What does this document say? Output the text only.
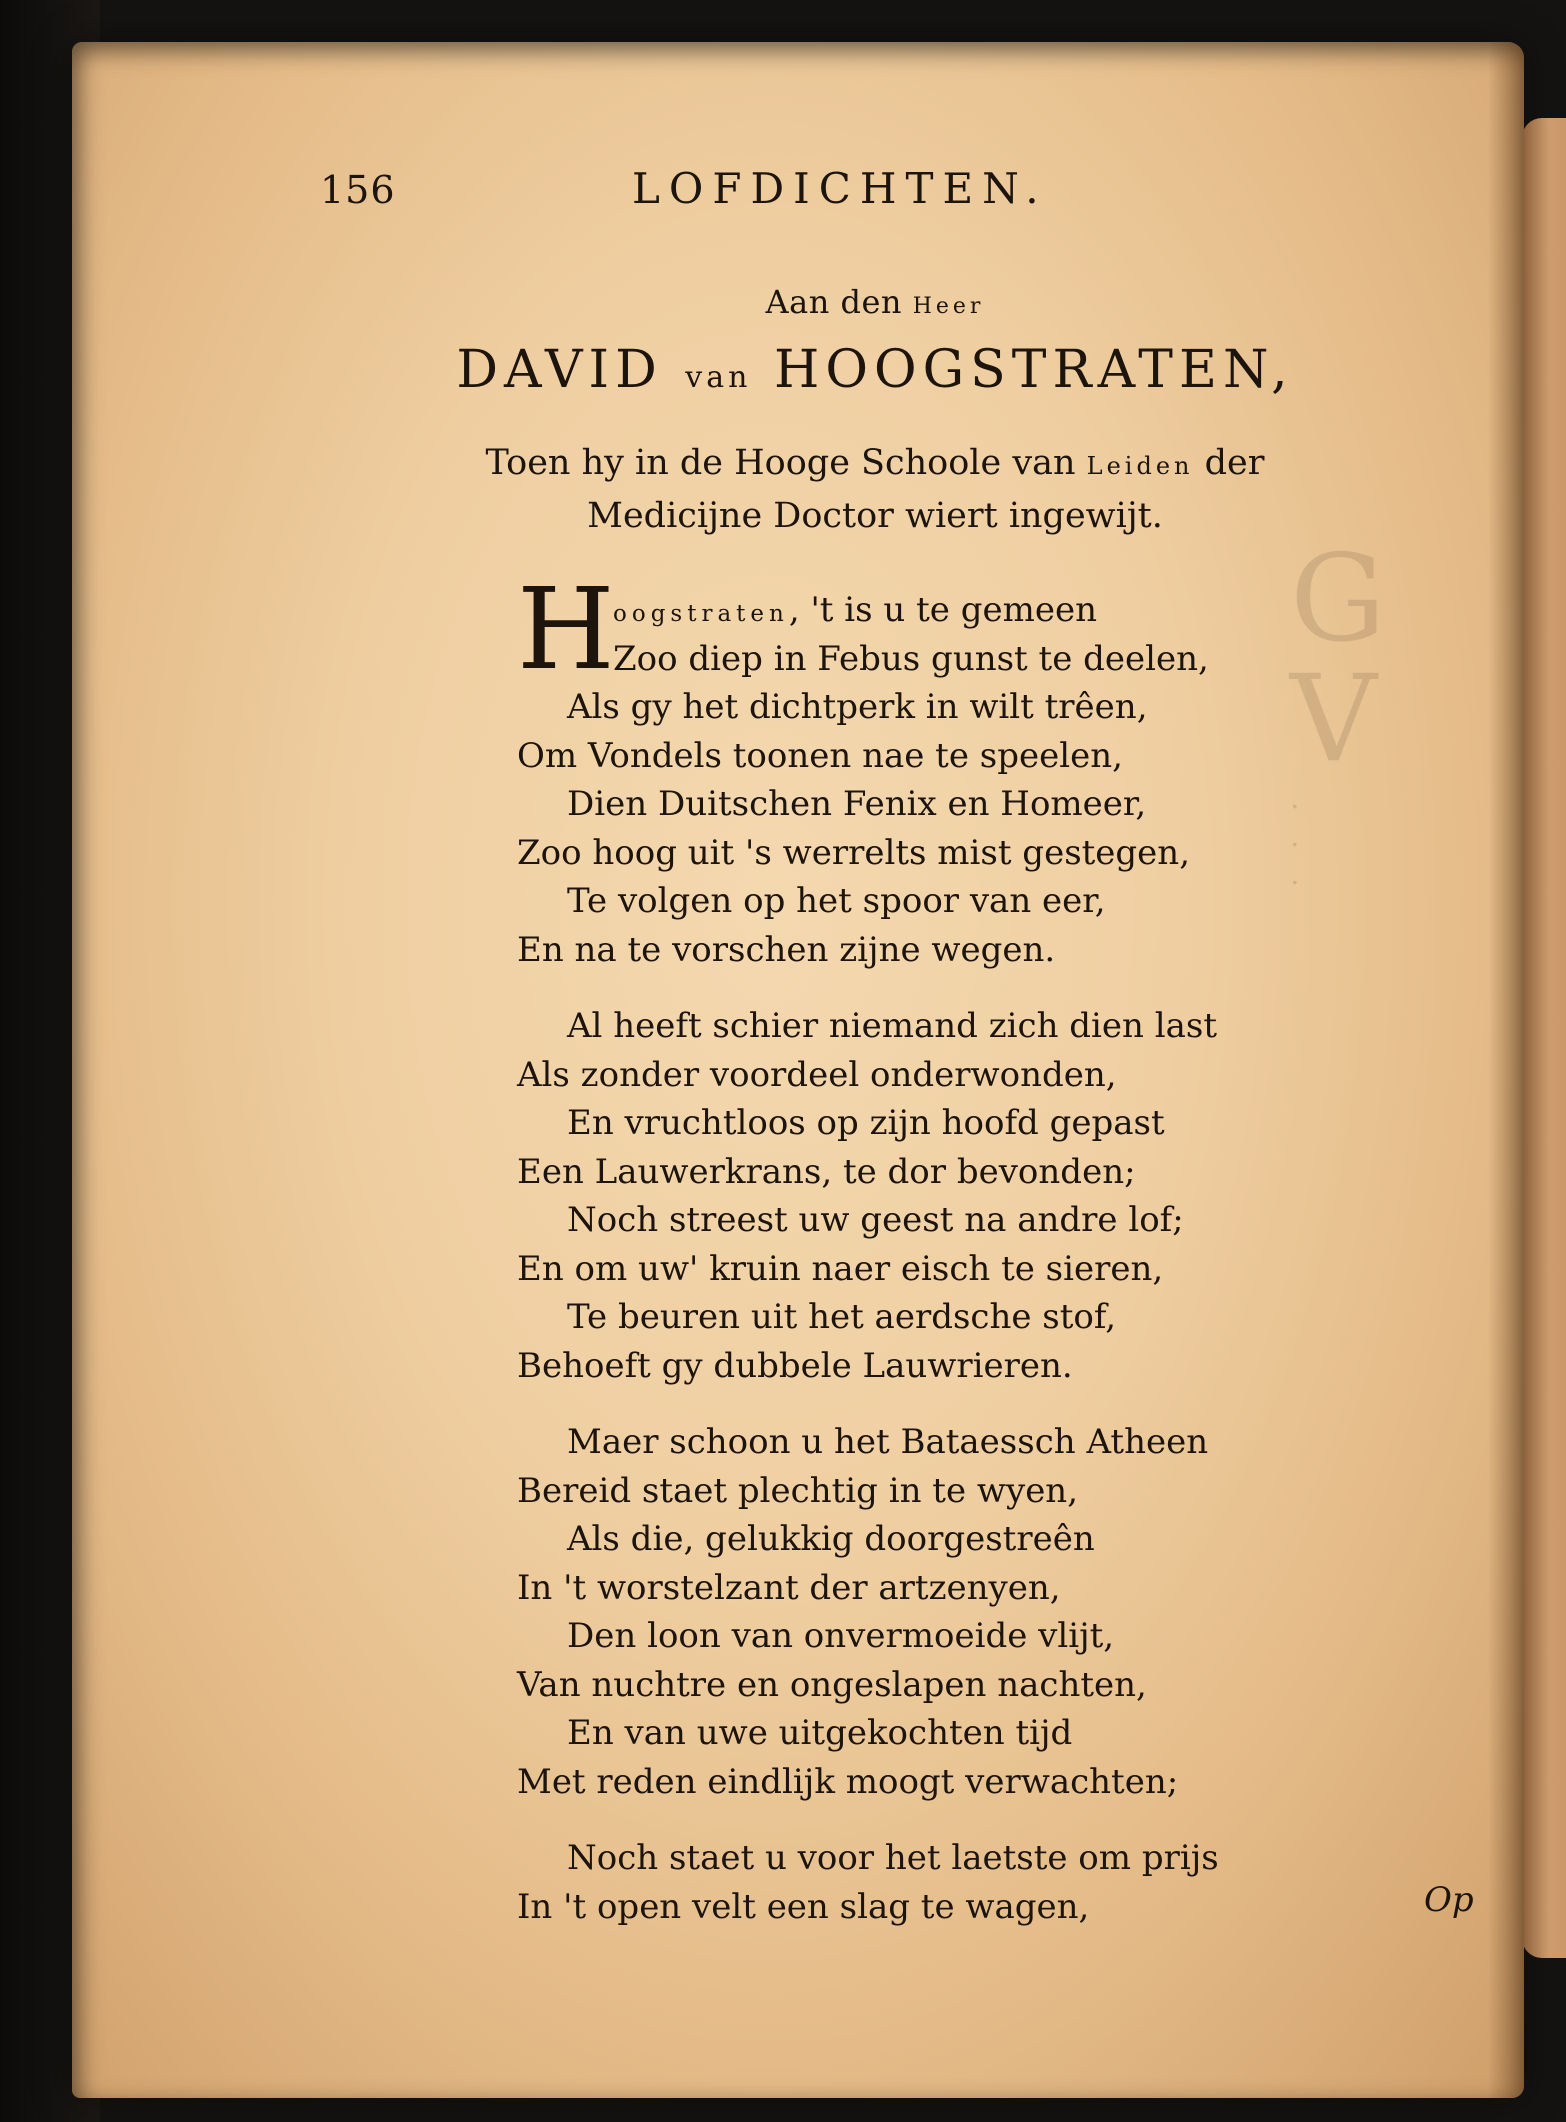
G
V
.
.
.
156	LOFDICHTEN.
Aan den Heer
DAVID van HOOGSTRATEN,
Toen hy in de Hooge Schoole van Leiden der
Medicijne Doctor wiert ingewijt.
H
oogstraten, 't is u te gemeen
Zoo diep in Febus gunst te deelen,
Als gy het dichtperk in wilt trêen,
Om Vondels toonen nae te speelen,
Dien Duitschen Fenix en Homeer,
Zoo hoog uit 's werrelts mist gestegen,
Te volgen op het spoor van eer,
En na te vorschen zijne wegen.
Al heeft schier niemand zich dien last
Als zonder voordeel onderwonden,
En vruchtloos op zijn hoofd gepast
Een Lauwerkrans, te dor bevonden;
Noch streest uw geest na andre lof;
En om uw' kruin naer eisch te sieren,
Te beuren uit het aerdsche stof,
Behoeft gy dubbele Lauwrieren.
Maer schoon u het Bataessch Atheen
Bereid staet plechtig in te wyen,
Als die, gelukkig doorgestreên
In 't worstelzant der artzenyen,
Den loon van onvermoeide vlijt,
Van nuchtre en ongeslapen nachten,
En van uwe uitgekochten tijd
Met reden eindlijk moogt verwachten;
Noch staet u voor het laetste om prijs
In 't open velt een slag te wagen,	Op
